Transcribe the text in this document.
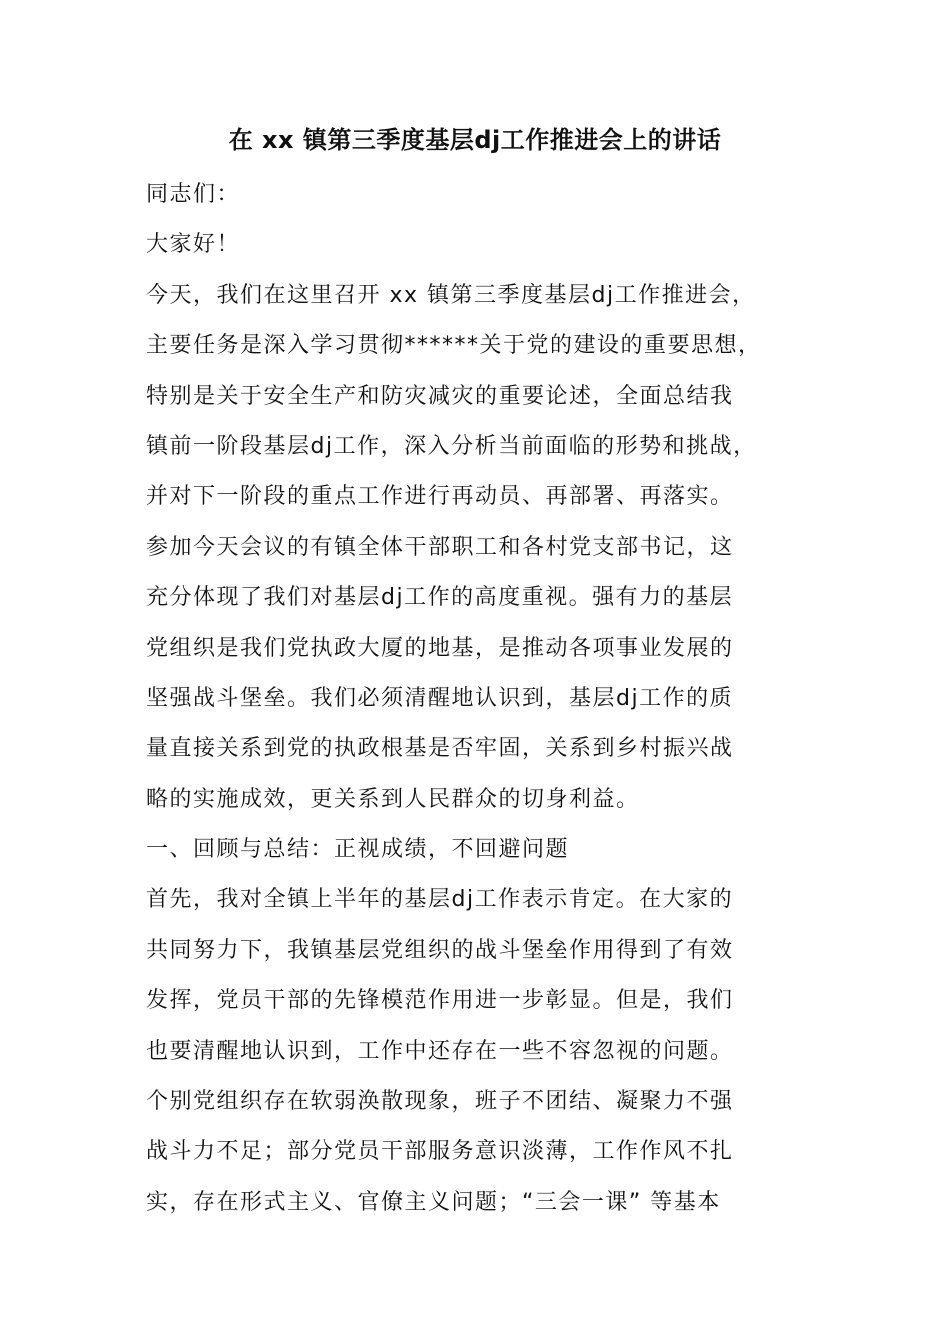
在 xx 镇第三季度基层dj工作推进会上的讲话
同志们：
大家好！
今天，我们在这里召开 xx 镇第三季度基层dj工作推进会，
主要任务是深入学习贯彻******关于党的建设的重要思想，
特别是关于安全生产和防灾减灾的重要论述，全面总结我
镇前一阶段基层dj工作，深入分析当前面临的形势和挑战，
并对下一阶段的重点工作进行再动员、再部署、再落实。
参加今天会议的有镇全体干部职工和各村党支部书记，这
充分体现了我们对基层dj工作的高度重视。强有力的基层
党组织是我们党执政大厦的地基，是推动各项事业发展的
坚强战斗堡垒。我们必须清醒地认识到，基层dj工作的质
量直接关系到党的执政根基是否牢固，关系到乡村振兴战
略的实施成效，更关系到人民群众的切身利益。
一、回顾与总结：正视成绩，不回避问题
首先，我对全镇上半年的基层dj工作表示肯定。在大家的
共同努力下，我镇基层党组织的战斗堡垒作用得到了有效
发挥，党员干部的先锋模范作用进一步彰显。但是，我们
也要清醒地认识到，工作中还存在一些不容忽视的问题。
个别党组织存在软弱涣散现象，班子不团结、凝聚力不强
战斗力不足；部分党员干部服务意识淡薄，工作作风不扎
实，存在形式主义、官僚主义问题；“三会一课” 等基本
